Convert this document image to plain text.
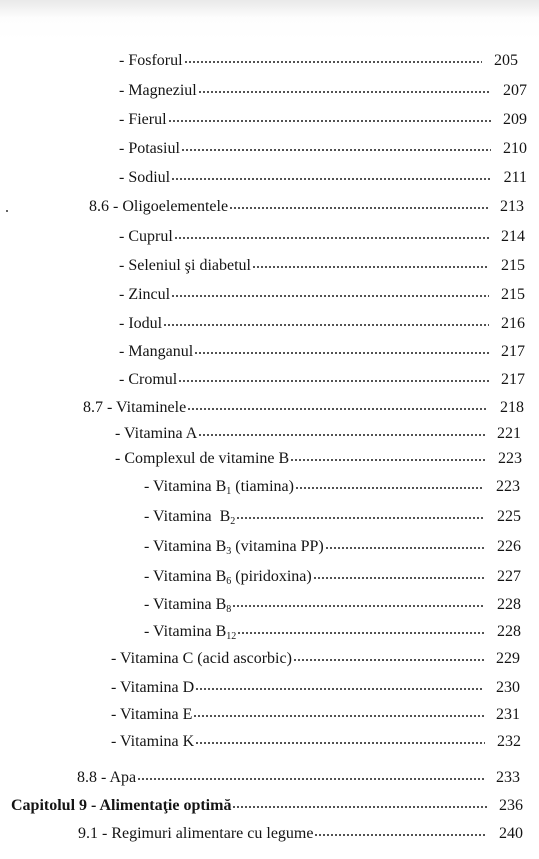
- Fosforul	205
- Magneziul	207
- Fierul	209
- Potasiul	210
- Sodiul	211
8.6 - Oligoelementele	213
- Cuprul	214
- Seleniul şi diabetul	215
- Zincul	215
- Iodul	216
- Manganul	217
- Cromul	217
8.7 - Vitaminele	218
- Vitamina A	221
- Complexul de vitamine B	223
- Vitamina $B_1$ (tiamina)	223
- Vitamina  $B_2$	225
- Vitamina $B_3$ (vitamina PP)	226
- Vitamina $B_6$ (piridoxina)	227
- Vitamina $B_8$	228
- Vitamina $B_{12}$	228
- Vitamina C (acid ascorbic)	229
- Vitamina D	230
- Vitamina E	231
- Vitamina K	232
8.8 - Apa	233
Capitolul 9 - Alimentaţie optimă	236
9.1 - Regimuri alimentare cu legume	240
